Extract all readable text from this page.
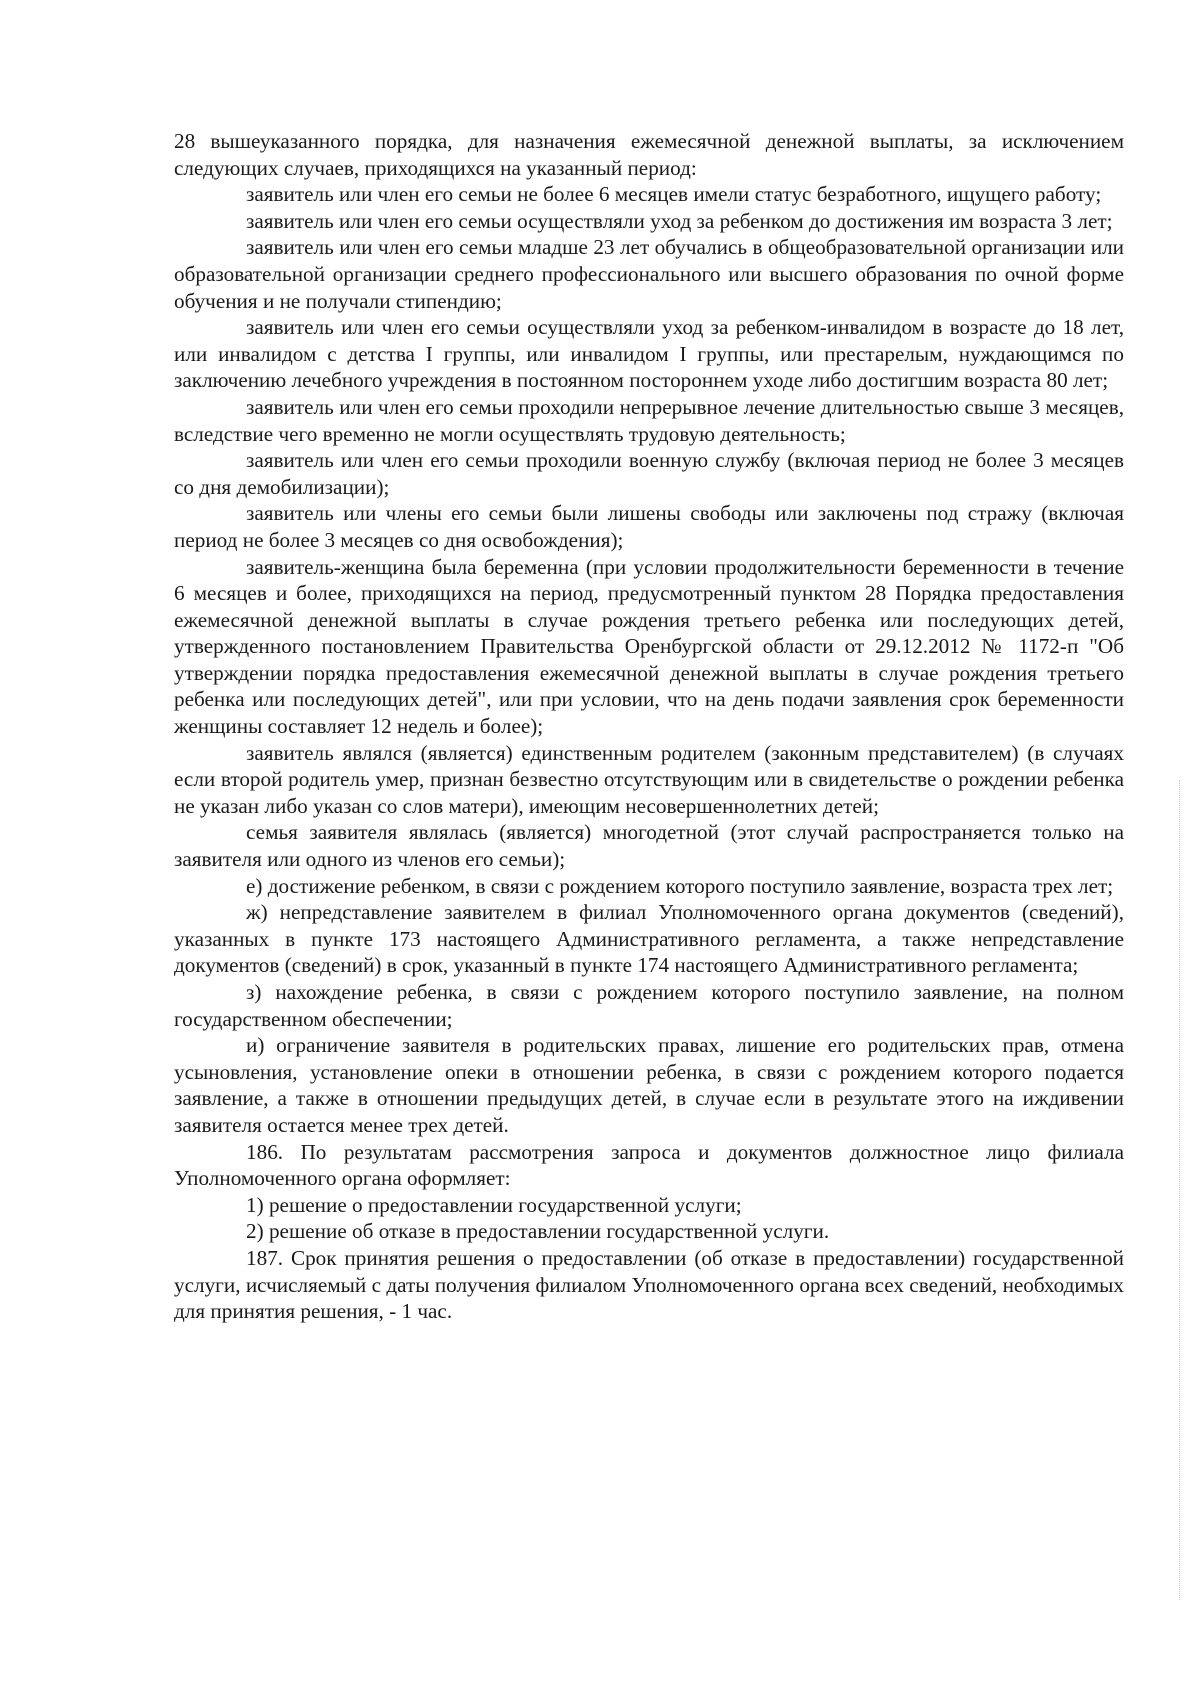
28 вышеуказанного порядка, для назначения ежемесячной денежной выплаты, за исключением следующих случаев, приходящихся на указанный период:

заявитель или член его семьи не более 6 месяцев имели статус безработного, ищущего работу;

заявитель или член его семьи осуществляли уход за ребенком до достижения им возраста 3 лет;

заявитель или член его семьи младше 23 лет обучались в общеобразовательной организации или образовательной организации среднего профессионального или высшего образования по очной форме обучения и не получали стипендию;

заявитель или член его семьи осуществляли уход за ребенком-инвалидом в возрасте до 18 лет, или инвалидом с детства I группы, или инвалидом I группы, или престарелым, нуждающимся по заключению лечебного учреждения в постоянном постороннем уходе либо достигшим возраста 80 лет;

заявитель или член его семьи проходили непрерывное лечение длительностью свыше 3 месяцев, вследствие чего временно не могли осуществлять трудовую деятельность;

заявитель или член его семьи проходили военную службу (включая период не более 3 месяцев со дня демобилизации);

заявитель или члены его семьи были лишены свободы или заключены под стражу (включая период не более 3 месяцев со дня освобождения);

заявитель-женщина была беременна (при условии продолжительности беременности в течение 6 месяцев и более, приходящихся на период, предусмотренный пунктом 28 Порядка предоставления ежемесячной денежной выплаты в случае рождения третьего ребенка или последующих детей, утвержденного постановлением Правительства Оренбургской области от 29.12.2012 № 1172-п "Об утверждении порядка предоставления ежемесячной денежной выплаты в случае рождения третьего ребенка или последующих детей", или при условии, что на день подачи заявления срок беременности женщины составляет 12 недель и более);

заявитель являлся (является) единственным родителем (законным представителем) (в случаях если второй родитель умер, признан безвестно отсутствующим или в свидетельстве о рождении ребенка не указан либо указан со слов матери), имеющим несовершеннолетних детей;

семья заявителя являлась (является) многодетной (этот случай распространяется только на заявителя или одного из членов его семьи);

е) достижение ребенком, в связи с рождением которого поступило заявление, возраста трех лет;

ж) непредставление заявителем в филиал Уполномоченного органа документов (сведений), указанных в пункте 173 настоящего Административного регламента, а также непредставление документов (сведений) в срок, указанный в пункте 174 настоящего Административного регламента;

з) нахождение ребенка, в связи с рождением которого поступило заявление, на полном государственном обеспечении;

и) ограничение заявителя в родительских правах, лишение его родительских прав, отмена усыновления, установление опеки в отношении ребенка, в связи с рождением которого подается заявление, а также в отношении предыдущих детей, в случае если в результате этого на иждивении заявителя остается менее трех детей.

186. По результатам рассмотрения запроса и документов должностное лицо филиала Уполномоченного органа оформляет:

1) решение о предоставлении государственной услуги;

2) решение об отказе в предоставлении государственной услуги.

187. Срок принятия решения о предоставлении (об отказе в предоставлении) государственной услуги, исчисляемый с даты получения филиалом Уполномоченного органа всех сведений, необходимых для принятия решения, - 1 час.
